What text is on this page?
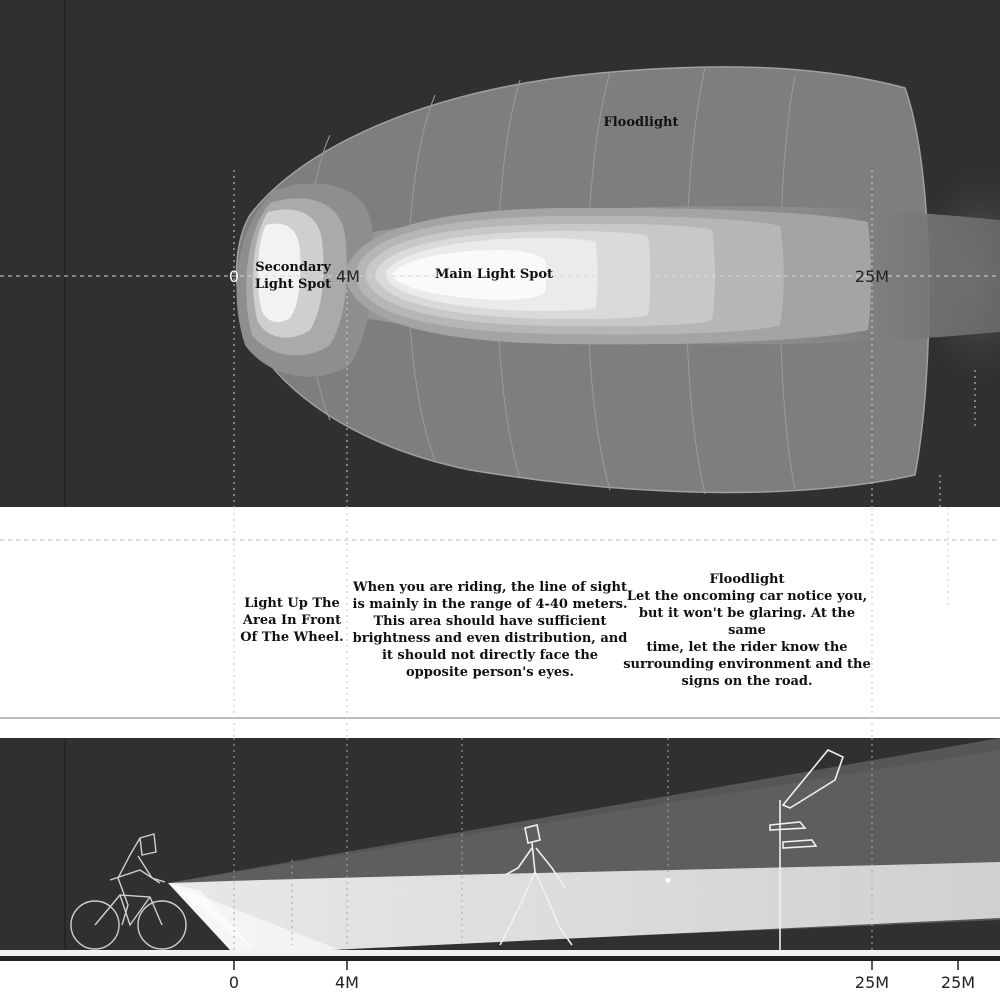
Floodlight
Secondary
Light Spot
Main Light Spot
0	4M	25M
0	4M	25M	25M
Light Up The
Area In Front
Of The Wheel.
When you are riding, the line of sight
is mainly in the range of 4-40 meters.
This area should have sufficient
brightness and even distribution, and
it should not directly face the
opposite person's eyes.
Floodlight
Let the oncoming car notice you,
but it won't be glaring. At the same
time, let the rider know the
surrounding environment and the
signs on the road.
